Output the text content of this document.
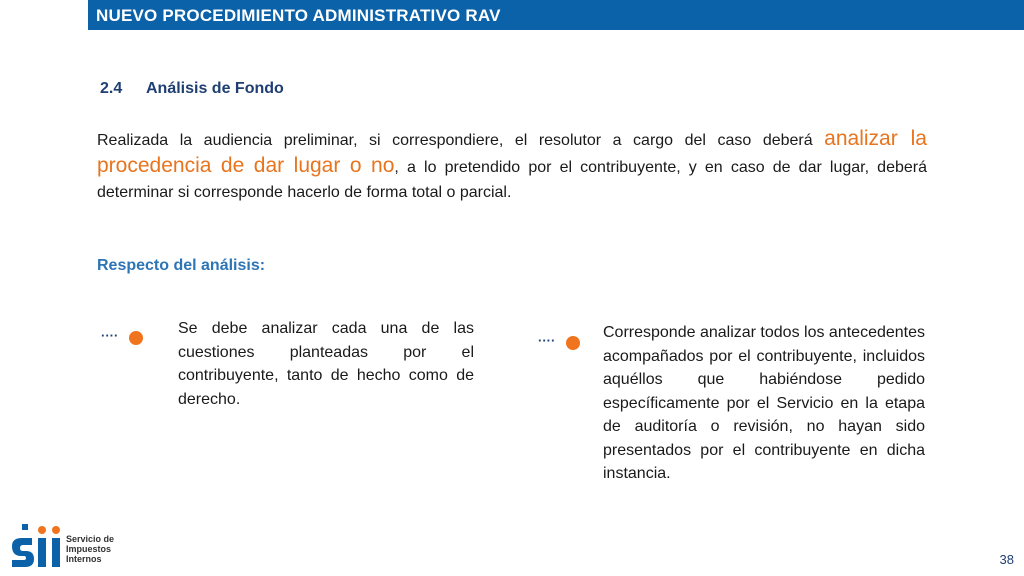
NUEVO PROCEDIMIENTO ADMINISTRATIVO RAV
2.4 Análisis de Fondo
Realizada la audiencia preliminar, si correspondiere, el resolutor a cargo del caso deberá analizar la procedencia de dar lugar o no, a lo pretendido por el contribuyente, y en caso de dar lugar, deberá determinar si corresponde hacerlo de forma total o parcial.
Respecto del análisis:
····	Se debe analizar cada una de las cuestiones planteadas por el contribuyente, tanto de hecho como de derecho.
····	Corresponde analizar todos los antecedentes acompañados por el contribuyente, incluidos aquéllos que habiéndose pedido específicamente por el Servicio en la etapa de auditoría o revisión, no hayan sido presentados por el contribuyente en dicha instancia.
Servicio de
Impuestos
Internos	38
